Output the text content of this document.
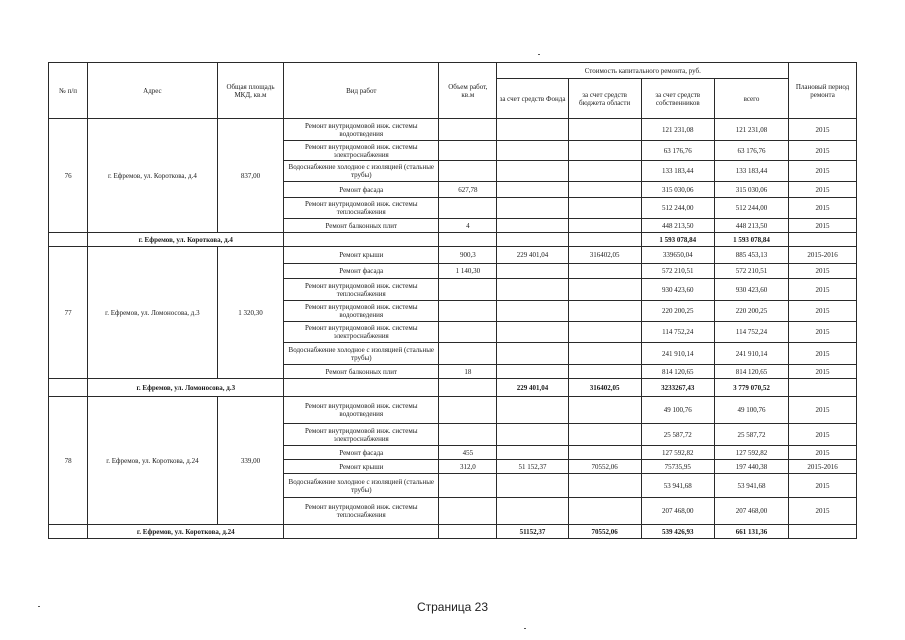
№ п/п	Адрес	Общая площадь МКД, кв.м	Вид работ	Объем работ, кв.м	Стоимость капитального ремонта, руб.				Плановый период ремонта
					за счет средств Фонда	за счет средств бюджета области	за счет средств собственников	всего	
76	г. Ефремов, ул. Короткова, д.4	837,00	Ремонт внутридомовой инж. системы водоотведения				121 231,08	121 231,08	2015
			Ремонт внутридомовой инж. системы электроснабжения				63 176,76	63 176,76	2015
			Водоснабжение холодное с изоляцией (стальные трубы)				133 183,44	133 183,44	2015
			Ремонт фасада	627,78			315 030,06	315 030,06	2015
			Ремонт внутридомовой инж. системы теплоснабжения				512 244,00	512 244,00	2015
			Ремонт балконных плит	4			448 213,50	448 213,50	2015
	г. Ефремов, ул. Короткова, д.4						1 593 078,84	1 593 078,84	
77	г. Ефремов, ул. Ломоносова, д.3	1 320,30	Ремонт крыши	900,3	229 401,04	316402,05	339650,04	885 453,13	2015-2016
			Ремонт фасада	1 140,30			572 210,51	572 210,51	2015
			Ремонт внутридомовой инж. системы теплоснабжения				930 423,60	930 423,60	2015
			Ремонт внутридомовой инж. системы водоотведения				220 200,25	220 200,25	2015
			Ремонт внутридомовой инж. системы электроснабжения				114 752,24	114 752,24	2015
			Водоснабжение холодное с изоляцией (стальные трубы)				241 910,14	241 910,14	2015
			Ремонт балконных плит	18			814 120,65	814 120,65	2015
	г. Ефремов, ул. Ломоносова, д.3				229 401,04	316402,05	3233267,43	3 779 070,52	
78	г. Ефремов, ул. Короткова, д.24	339,00	Ремонт внутридомовой инж. системы водоотведения				49 100,76	49 100,76	2015
			Ремонт внутридомовой инж. системы электроснабжения				25 587,72	25 587,72	2015
			Ремонт фасада	455			127 592,82	127 592,82	2015
			Ремонт крыши	312,0	51 152,37	70552,06	75735,95	197 440,38	2015-2016
			Водоснабжение холодное с изоляцией (стальные трубы)				53 941,68	53 941,68	2015
			Ремонт внутридомовой инж. системы теплоснабжения				207 468,00	207 468,00	2015
	г. Ефремов, ул. Короткова, д.24				51152,37	70552,06	539 426,93	661 131,36	
Страница 23
